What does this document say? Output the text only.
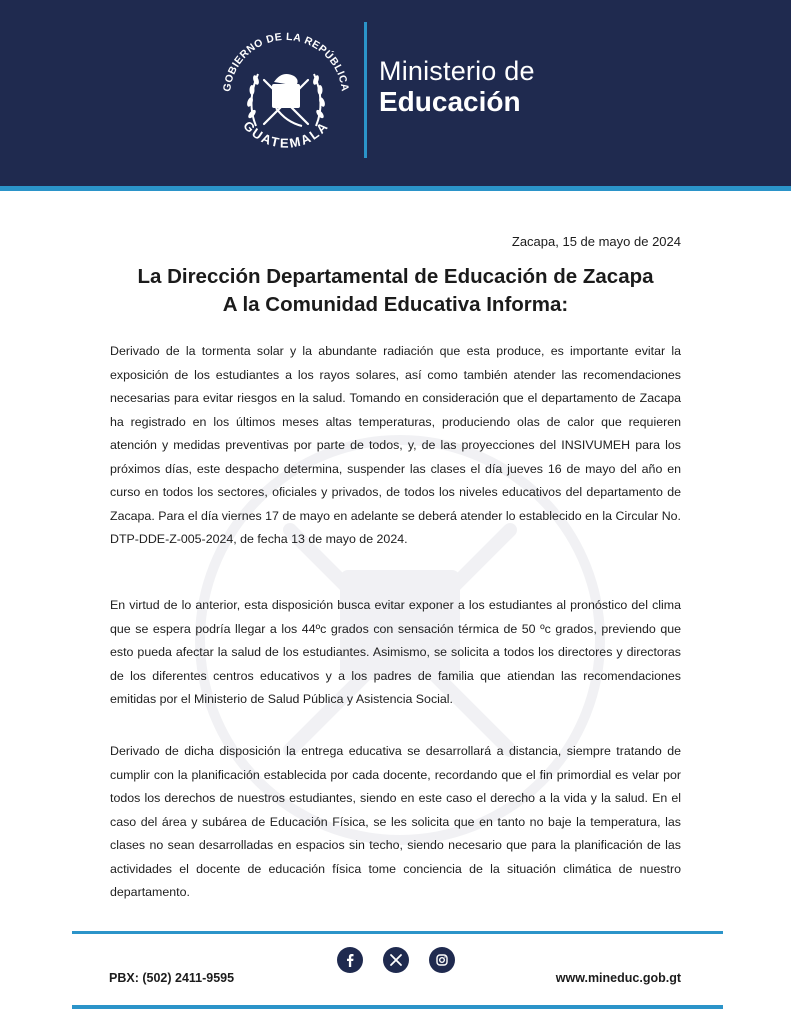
GOBIERNO DE LA REPÚBLICA
GUATEMALA
Ministerio de
Educación
Zacapa, 15 de mayo de 2024
La Dirección Departamental de Educación de Zacapa
A la Comunidad Educativa Informa:

Derivado de la tormenta solar y la abundante radiación que esta produce, es importante evitar la exposición de los estudiantes a los rayos solares, así como también atender las recomendaciones necesarias para evitar riesgos en la salud. Tomando en consideración que el departamento de Zacapa ha registrado en los últimos meses altas temperaturas, produciendo olas de calor que requieren atención y medidas preventivas por parte de todos, y, de las proyecciones del INSIVUMEH para los próximos días, este despacho determina, suspender las clases el día jueves 16 de mayo del año en curso en todos los sectores, oficiales y privados, de todos los niveles educativos del departamento de Zacapa. Para el día viernes 17 de mayo en adelante se deberá atender lo establecido en la Circular No. DTP-DDE-Z-005-2024, de fecha 13 de mayo de 2024.

En virtud de lo anterior, esta disposición busca evitar exponer a los estudiantes al pronóstico del clima que se espera podría llegar a los 44ºc grados con sensación térmica de 50 ºc grados, previendo que esto pueda afectar la salud de los estudiantes. Asimismo, se solicita a todos los directores y directoras de los diferentes centros educativos y a los padres de familia que atiendan las recomendaciones emitidas por el Ministerio de Salud Pública y Asistencia Social.

Derivado de dicha disposición la entrega educativa se desarrollará a distancia, siempre tratando de cumplir con la planificación establecida por cada docente, recordando que el fin primordial es velar por todos los derechos de nuestros estudiantes, siendo en este caso el derecho a la vida y la salud. En el caso del área y subárea de Educación Física, se les solicita que en tanto no baje la temperatura, las clases no sean desarrolladas en espacios sin techo, siendo necesario que para la planificación de las actividades el docente de educación física tome conciencia de la situación climática de nuestro departamento.

PBX: (502) 2411-9595	www.mineduc.gob.gt
